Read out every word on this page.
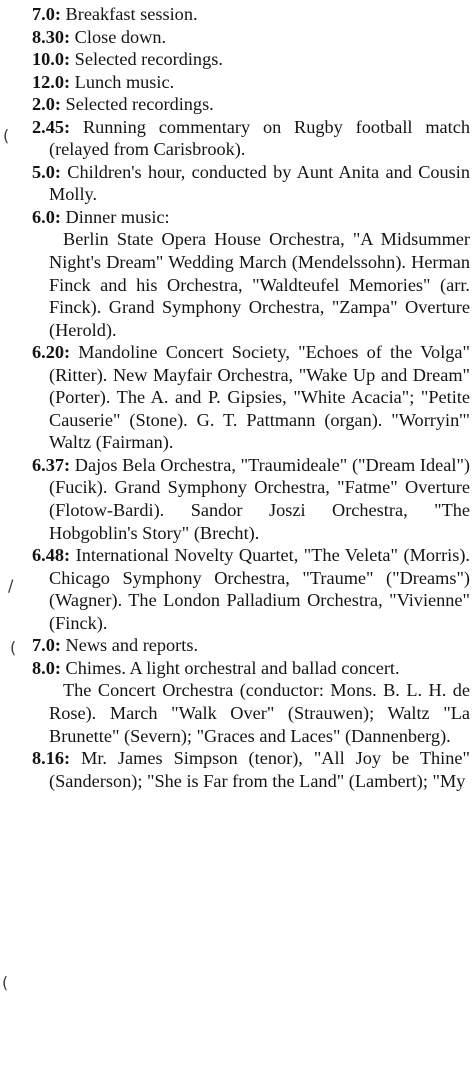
(
/
(
(

7.0: Breakfast session.

8.30: Close down.

10.0: Selected recordings.

12.0: Lunch music.

2.0: Selected recordings.

2.45: Running commentary on Rugby football match (relayed from Carisbrook).

5.0: Children's hour, conducted by Aunt Anita and Cousin Molly.

6.0: Dinner music:

Berlin State Opera House Orchestra, "A Midsummer Night's Dream" Wedding March (Mendelssohn). Herman Finck and his Orchestra, "Waldteufel Memories" (arr. Finck). Grand Symphony Orchestra, "Zampa" Overture (Herold).

6.20: Mandoline Concert Society, "Echoes of the Volga" (Ritter). New Mayfair Orchestra, "Wake Up and Dream" (Porter). The A. and P. Gipsies, "White Acacia"; "Petite Causerie" (Stone). G. T. Pattmann (organ). "Worryin'" Waltz (Fairman).

6.37: Dajos Bela Orchestra, "Traumideale" ("Dream Ideal") (Fucik). Grand Symphony Orchestra, "Fatme" Overture (Flotow-Bardi). Sandor Joszi Orchestra, "The Hobgoblin's Story" (Brecht).

6.48: International Novelty Quartet, "The Veleta" (Morris). Chicago Symphony Orchestra, "Traume" ("Dreams") (Wagner). The London Palladium Orchestra, "Vivienne" (Finck).

7.0: News and reports.

8.0: Chimes. A light orchestral and ballad concert.

The Concert Orchestra (conductor: Mons. B. L. H. de Rose). March "Walk Over" (Strauwen); Waltz "La Brunette" (Severn); "Graces and Laces" (Dannenberg).

8.16: Mr. James Simpson (tenor), "All Joy be Thine" (Sanderson); "She is Far from the Land" (Lambert); "My
